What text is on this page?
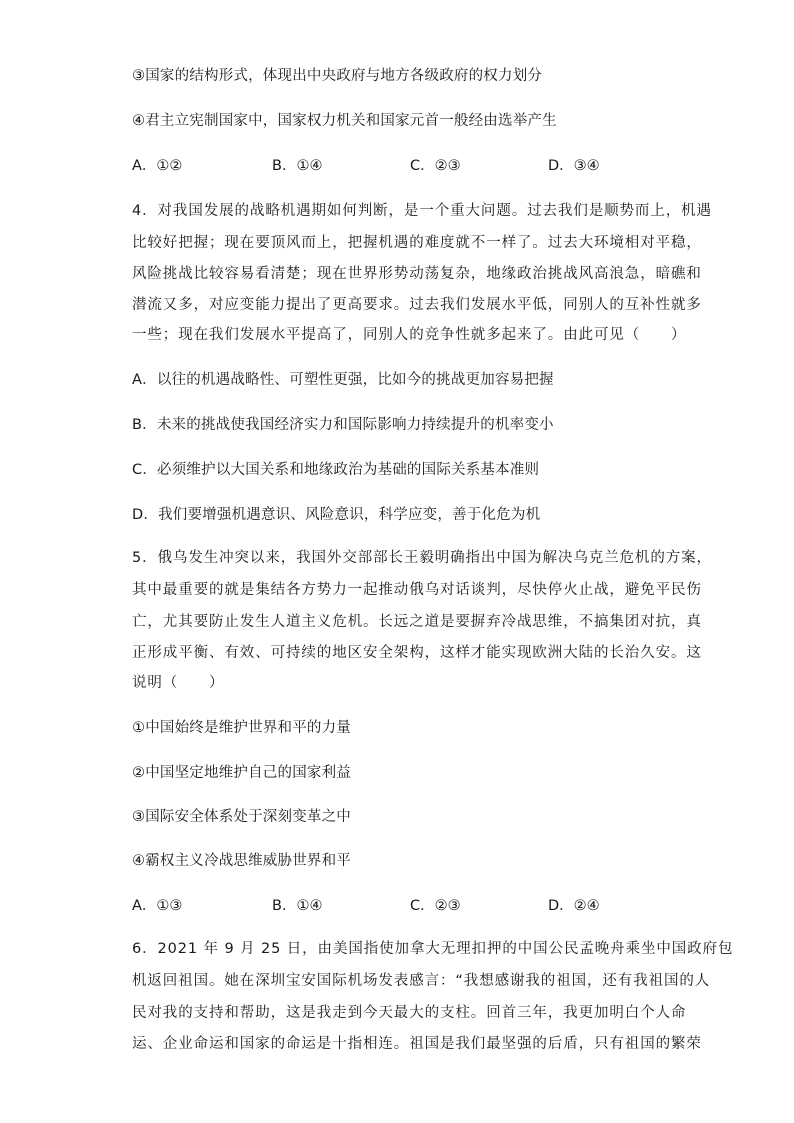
③国家的结构形式，体现出中央政府与地方各级政府的权力划分
④君主立宪制国家中，国家权力机关和国家元首一般经由选举产生
A．①②	B．①④	C．②③	D．③④
4．对我国发展的战略机遇期如何判断，是一个重大问题。过去我们是顺势而上，机遇
比较好把握；现在要顶风而上，把握机遇的难度就不一样了。过去大环境相对平稳，
风险挑战比较容易看清楚；现在世界形势动荡复杂，地缘政治挑战风高浪急，暗礁和
潜流又多，对应变能力提出了更高要求。过去我们发展水平低，同别人的互补性就多
一些；现在我们发展水平提高了，同别人的竞争性就多起来了。由此可见（　　）
A．以往的机遇战略性、可塑性更强，比如今的挑战更加容易把握
B．未来的挑战使我国经济实力和国际影响力持续提升的机率变小
C．必须维护以大国关系和地缘政治为基础的国际关系基本准则
D．我们要增强机遇意识、风险意识，科学应变，善于化危为机
5．俄乌发生冲突以来，我国外交部部长王毅明确指出中国为解决乌克兰危机的方案，
其中最重要的就是集结各方势力一起推动俄乌对话谈判，尽快停火止战，避免平民伤
亡，尤其要防止发生人道主义危机。长远之道是要摒弃冷战思维，不搞集团对抗，真
正形成平衡、有效、可持续的地区安全架构，这样才能实现欧洲大陆的长治久安。这
说明（　　）
①中国始终是维护世界和平的力量
②中国坚定地维护自己的国家利益
③国际安全体系处于深刻变革之中
④霸权主义冷战思维威胁世界和平
A．①③	B．①④	C．②③	D．②④
6．2021 年 9 月 25 日，由美国指使加拿大无理扣押的中国公民孟晚舟乘坐中国政府包
机返回祖国。她在深圳宝安国际机场发表感言：“我想感谢我的祖国，还有我祖国的人
民对我的支持和帮助，这是我走到今天最大的支柱。回首三年，我更加明白个人命
运、企业命运和国家的命运是十指相连。祖国是我们最坚强的后盾，只有祖国的繁荣
